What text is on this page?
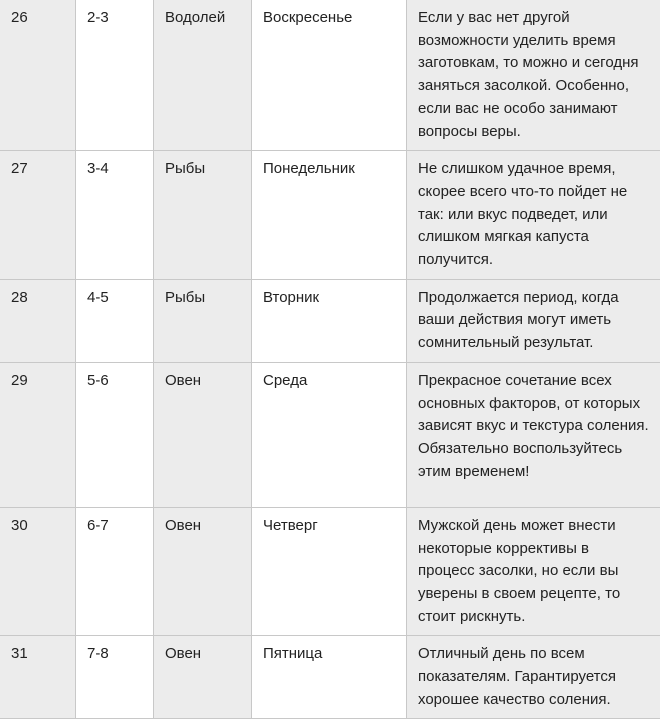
26	2-3	Водолей	Воскресенье	Если у вас нет другой возможности уделить время заготовкам, то можно и сегодня заняться засолкой. Особенно, если вас не особо занимают вопросы веры.
27	3-4	Рыбы	Понедельник	Не слишком удачное время, скорее всего что-то пойдет не так: или вкус подведет, или слишком мягкая капуста получится.
28	4-5	Рыбы	Вторник	Продолжается период, когда ваши действия могут иметь сомнительный результат.
29	5-6	Овен	Среда	Прекрасное сочетание всех основных факторов, от которых зависят вкус и текстура соления. Обязательно воспользуйтесь этим временем!
30	6-7	Овен	Четверг	Мужской день может внести некоторые коррективы в процесс засолки, но если вы уверены в своем рецепте, то стоит рискнуть.
31	7-8	Овен	Пятница	Отличный день по всем показателям. Гарантируется хорошее качество соления.
